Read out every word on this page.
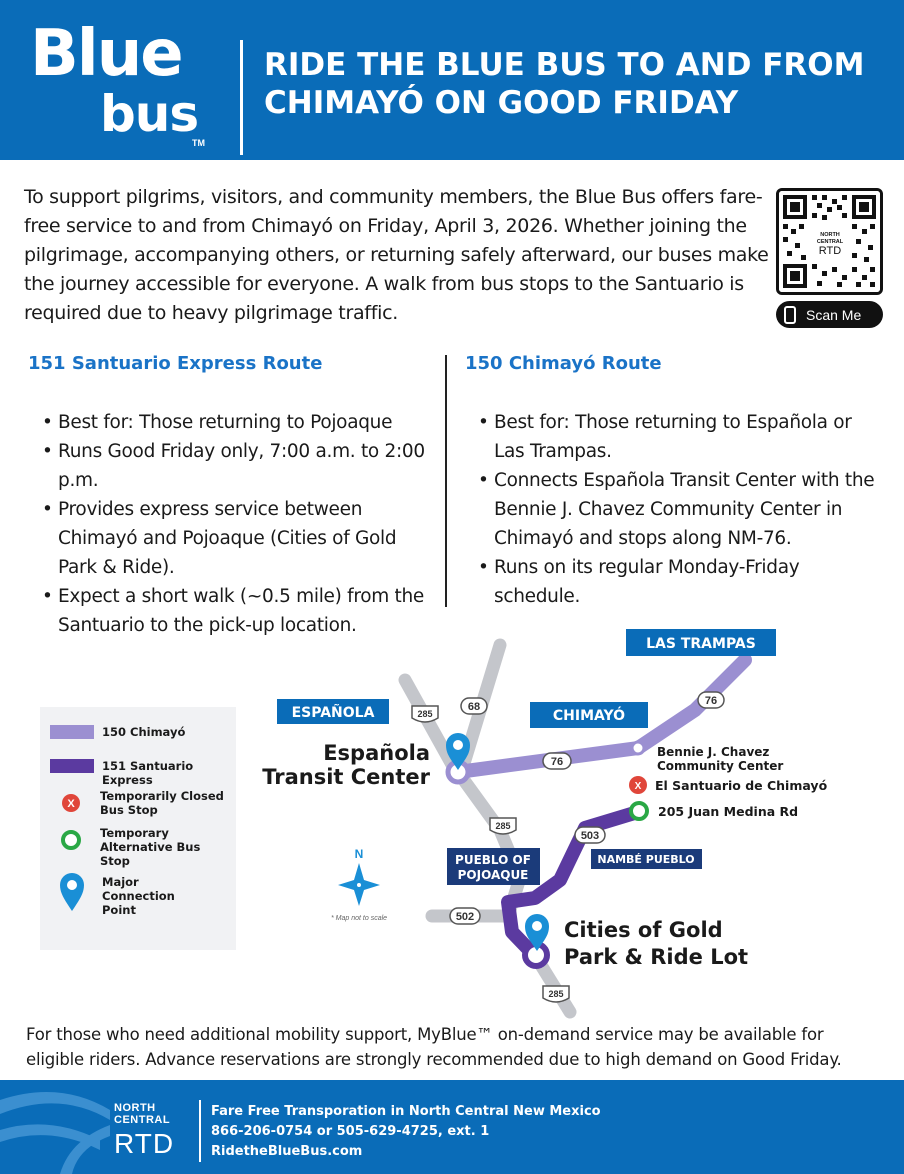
Blue
bus
TM
RIDE THE BLUE BUS TO AND FROM CHIMAYÓ ON GOOD FRIDAY

To support pilgrims, visitors, and community members, the Blue Bus offers fare-free service to and from Chimayó on Friday, April 3, 2026. Whether joining the pilgrimage, accompanying others, or returning safely afterward, our buses make the journey accessible for everyone. A walk from bus stops to the Santuario is required due to heavy pilgrimage traffic.

NORTH
CENTRAL
RTD
Scan Me
151 Santuario Express Route	150 Chimayó Route
• Best for: Those returning to Pojoaque
• Runs Good Friday only, 7:00 a.m. to 2:00 p.m.
• Provides express service between Chimayó and Pojoaque (Cities of Gold Park & Ride).
• Expect a short walk (~0.5 mile) from the Santuario to the pick-up location.
• Best for: Those returning to Española or Las Trampas.
• Connects Española Transit Center with the Bennie J. Chavez Community Center in Chimayó and stops along NM-76.
• Runs on its regular Monday-Friday schedule.
150 Chimayó
151 Santuario Express
X
Temporarily Closed Bus Stop
Temporary Alternative Bus Stop
Major Connection Point
285
68	76
76
285
503
502
285
LAS TRAMPAS
ESPAÑOLA	CHIMAYÓ
PUEBLO OF
POJOAQUE
NAMBÉ PUEBLO
X
Española
Transit Center
Bennie J. Chavez
Community Center
El Santuario de Chimayó
205 Juan Medina Rd
Cities of Gold
Park & Ride Lot
N
* Map not to scale

For those who need additional mobility support, MyBlue™ on-demand service may be available for eligible riders. Advance reservations are strongly recommended due to high demand on Good Friday.

NORTH
CENTRAL
RTD
Fare Free Transporation in North Central New Mexico
866-206-0754 or 505-629-4725, ext. 1
RidetheBlueBus.com
